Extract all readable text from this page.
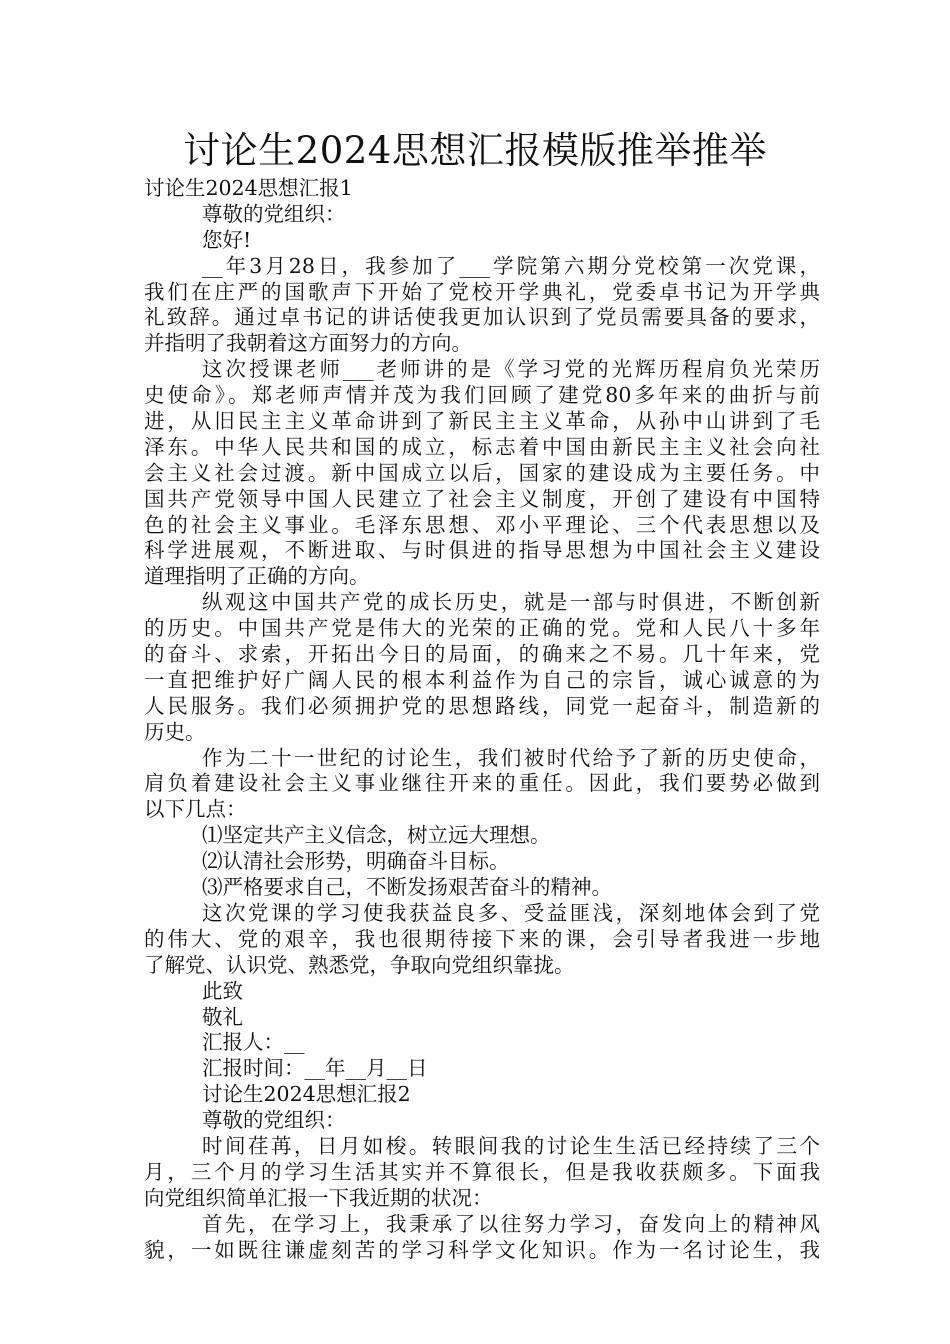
讨论生2024思想汇报模版推举推举
讨论生2024思想汇报1
尊敬的党组织：
您好!
__年3月28日，我参加了___学院第六期分党校第一次党课，
我们在庄严的国歌声下开始了党校开学典礼，党委卓书记为开学典
礼致辞。通过卓书记的讲话使我更加认识到了党员需要具备的要求，
并指明了我朝着这方面努力的方向。
这次授课老师___老师讲的是《学习党的光辉历程肩负光荣历
史使命》。郑老师声情并茂为我们回顾了建党80多年来的曲折与前
进，从旧民主主义革命讲到了新民主主义革命，从孙中山讲到了毛
泽东。中华人民共和国的成立，标志着中国由新民主主义社会向社
会主义社会过渡。新中国成立以后，国家的建设成为主要任务。中
国共产党领导中国人民建立了社会主义制度，开创了建设有中国特
色的社会主义事业。毛泽东思想、邓小平理论、三个代表思想以及
科学进展观，不断进取、与时俱进的指导思想为中国社会主义建设
道理指明了正确的方向。
纵观这中国共产党的成长历史，就是一部与时俱进，不断创新
的历史。中国共产党是伟大的光荣的正确的党。党和人民八十多年
的奋斗、求索，开拓出今日的局面，的确来之不易。几十年来，党
一直把维护好广阔人民的根本利益作为自己的宗旨，诚心诚意的为
人民服务。我们必须拥护党的思想路线，同党一起奋斗，制造新的
历史。
作为二十一世纪的讨论生，我们被时代给予了新的历史使命，
肩负着建设社会主义事业继往开来的重任。因此，我们要势必做到
以下几点：
⑴坚定共产主义信念，树立远大理想。
⑵认清社会形势，明确奋斗目标。
⑶严格要求自己，不断发扬艰苦奋斗的精神。
这次党课的学习使我获益良多、受益匪浅，深刻地体会到了党
的伟大、党的艰辛，我也很期待接下来的课，会引导者我进一步地
了解党、认识党、熟悉党，争取向党组织靠拢。
此致
敬礼
汇报人：__
汇报时间：__年__月__日
讨论生2024思想汇报2
尊敬的党组织：
时间荏苒，日月如梭。转眼间我的讨论生生活已经持续了三个
月，三个月的学习生活其实并不算很长，但是我收获颇多。下面我
向党组织简单汇报一下我近期的状况：
首先，在学习上，我秉承了以往努力学习，奋发向上的精神风
貌，一如既往谦虚刻苦的学习科学文化知识。作为一名讨论生，我
